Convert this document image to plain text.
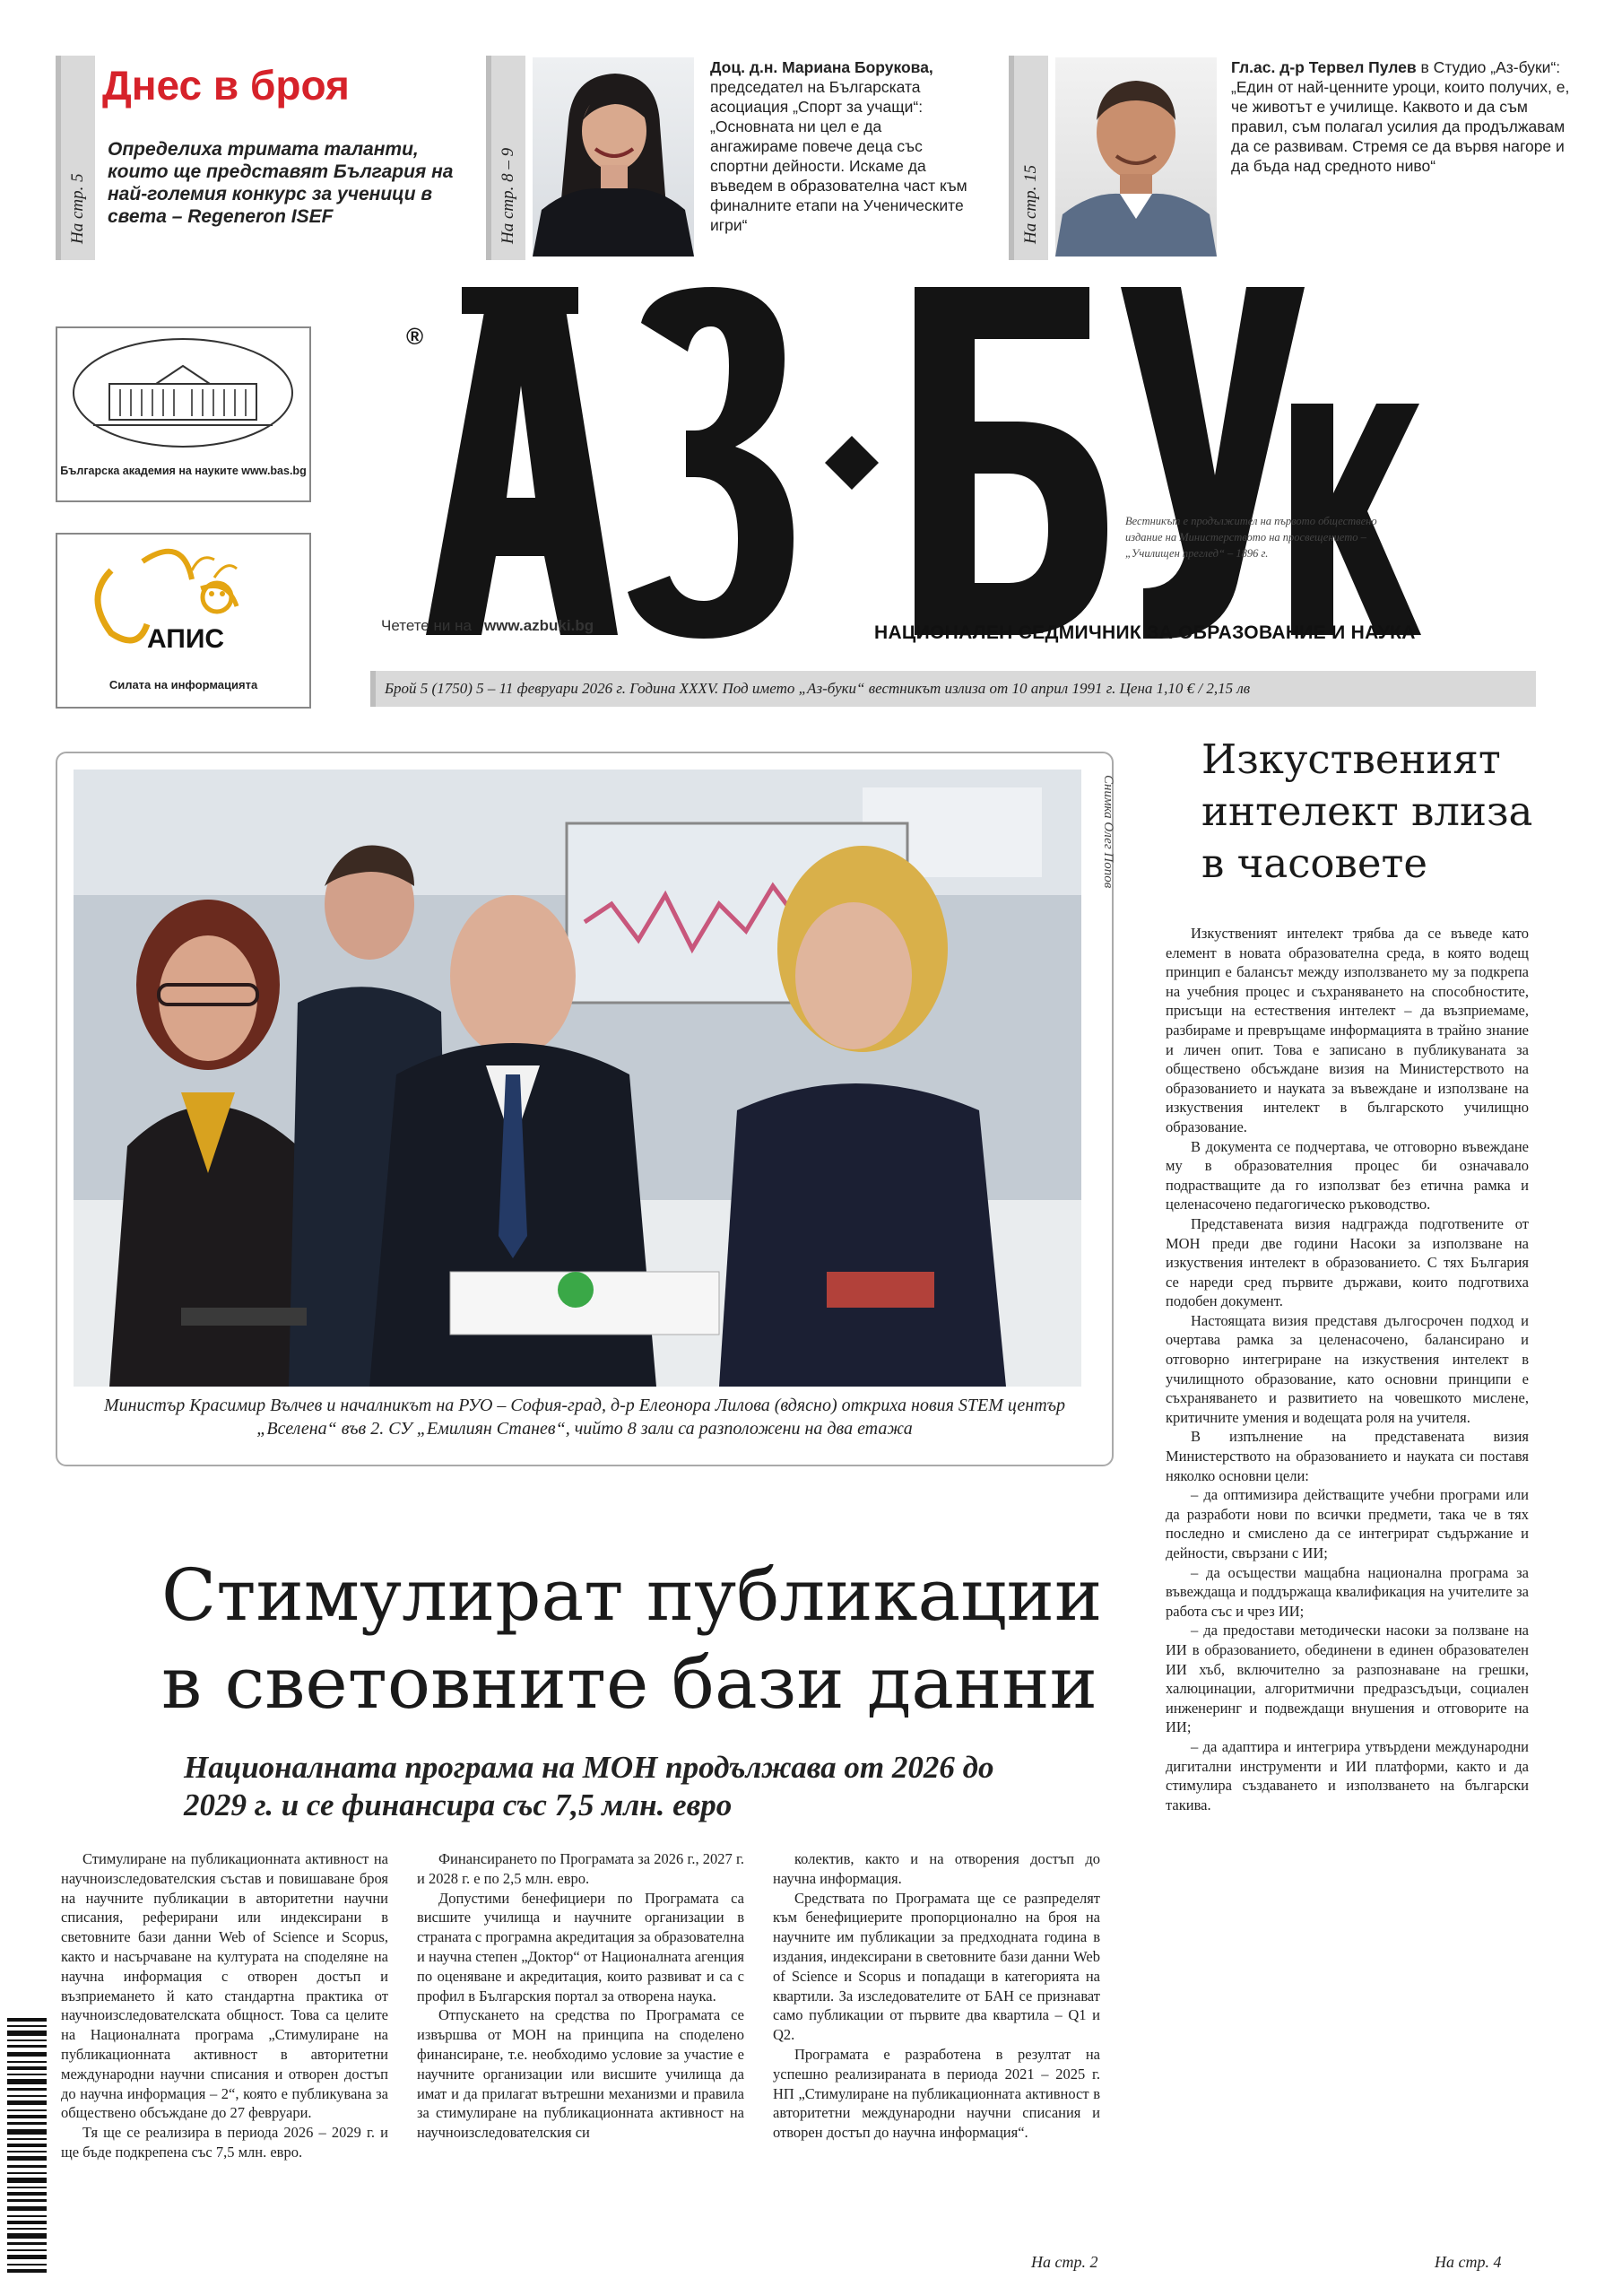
На стр. 5
Днес в броя
Определиха тримата таланти, които ще представят България на най-големия конкурс за ученици в света – Regeneron ISEF	На стр. 8 – 9
Доц. д.н. Мариана Борукова, председател на Българската асоциация „Спорт за учащи“: „Основната ни цел е да ангажираме повече деца със спортни дейности. Искаме да въведем в образователна част към финалните етапи на Ученическите игри“	На стр. 15
Гл.ас. д-р Тервел Пулев в Студио „Аз-буки“: „Един от най-ценните уроци, които получих, е, че животът е училище. Каквото и да съм правил, съм полагал усилия да продължавам да се развивам. Стремя се да вървя нагоре и да бъда над средното ниво“
Българска академия на науките www.bas.bg
АПИС
Силата на информацията
®
Вестникът е продължител на първото обществено издание на Министерството на просвещението – „Училищен преглед“ – 1896 г.
Четете ни на www.azbuki.bg	НАЦИОНАЛЕН СЕДМИЧНИК ЗА ОБРАЗОВАНИЕ И НАУКА
Брой 5 (1750) 5 – 11 февруари 2026 г. Година XXXV. Под името „Аз-буки“ вестникът излиза от 10 април 1991 г. Цена 1,10 € / 2,15 лв
Снимка Олег Попов
Министър Красимир Вълчев и началникът на РУО – София-град, д-р Елеонора Лилова (вдясно) откриха новия STEM център „Вселена“ във 2. СУ „Емилиян Станев“, чийто 8 зали са разположени на два етажа
Изкуственият интелект влиза в часовете

Изкуственият интелект трябва да се въведе като елемент в новата образователна среда, в която водещ принцип е балансът между използването му за подкрепа на учебния процес и съхраняването на способностите, присъщи на естествения интелект – да възприемаме, разбираме и превръщаме информацията в трайно знание и личен опит. Това е записано в публикуваната за обществено обсъждане визия на Министерството на образованието и науката за въвеждане и използване на изкуствения интелект в българското училищно образование.

В документа се подчертава, че отговорно въвеждане му в образователния процес би означавало подрастващите да го използват без етична рамка и целенасочено педагогическо ръководство.

Представената визия надгражда подготвените от МОН преди две години Насоки за използване на изкуствения интелект в образованието. С тях България се нареди сред първите държави, които подготвиха подобен документ.

Настоящата визия представя дългосрочен подход и очертава рамка за целенасочено, балансирано и отговорно интегриране на изкуствения интелект в училищното образование, като основни принципи е съхраняването и развитието на човешкото мислене, критичните умения и водещата роля на учителя.

В изпълнение на представената визия Министерството на образованието и науката си поставя няколко основни цели:

– да оптимизира действащите учебни програми или да разработи нови по всички предмети, така че в тях последно и смислено да се интегрират съдържание и дейности, свързани с ИИ;

– да осъществи мащабна национална програма за въвеждаща и поддържаща квалификация на учителите за работа със и чрез ИИ;

– да предостави методически насоки за ползване на ИИ в образованието, обединени в единен образователен ИИ хъб, включително за разпознаване на грешки, халюцинации, алгоритмични предразсъдъци, социален инженеринг и подвеждащи внушения и отговорите на ИИ;

– да адаптира и интегрира утвърдени международни дигитални инструменти и ИИ платформи, както и да стимулира създаването и използването на български такива.

На стр. 4
Стимулират публикации
в световните бази данни
Националната програма на МОН продължава от 2026 до 2029 г. и се финансира със 7,5 млн. евро

Стимулиране на публикационната активност на научноизследователския състав и повишаване броя на научните публикации в авторитетни научни списания, реферирани или индексирани в световните бази данни Web of Science и Scopus, както и насърчаване на културата на споделяне на научна информация с отворен достъп и възприемането й като стандартна практика от научноизследователската общност. Това са целите на Националната програма „Стимулиране на публикационната активност в авторитетни международни научни списания и отворен достъп до научна информация – 2“, която е публикувана за обществено обсъждане до 27 февруари.

Тя ще се реализира в периода 2026 – 2029 г. и ще бъде подкрепена със 7,5 млн. евро.

Финансирането по Програмата за 2026 г., 2027 г. и 2028 г. е по 2,5 млн. евро.

Допустими бенефициери по Програмата са висшите училища и научните организации в страната с програмна акредитация за образователна и научна степен „Доктор“ от Националната агенция по оценяване и акредитация, които развиват и са с профил в Българския портал за отворена наука.

Отпускането на средства по Програмата се извършва от МОН на принципа на споделено финансиране, т.е. необходимо условие за участие е научните организации или висшите училища да имат и да прилагат вътрешни механизми и правила за стимулиране на публикационната активност на научноизследователския си

колектив, както и на отворения достъп до научна информация.

Средствата по Програмата ще се разпределят към бенефициерите пропорционално на броя на научните им публикации за предходната година в издания, индексирани в световните бази данни Web of Science и Scopus и попадащи в категорията на квартили. За изследователите от БАН се признават само публикации от първите два квартила – Q1 и Q2.

Програмата е разработена в резултат на успешно реализираната в периода 2021 – 2025 г. НП „Стимулиране на публикационната активност в авторитетни международни научни списания и отворен достъп до научна информация“.

На стр. 2
